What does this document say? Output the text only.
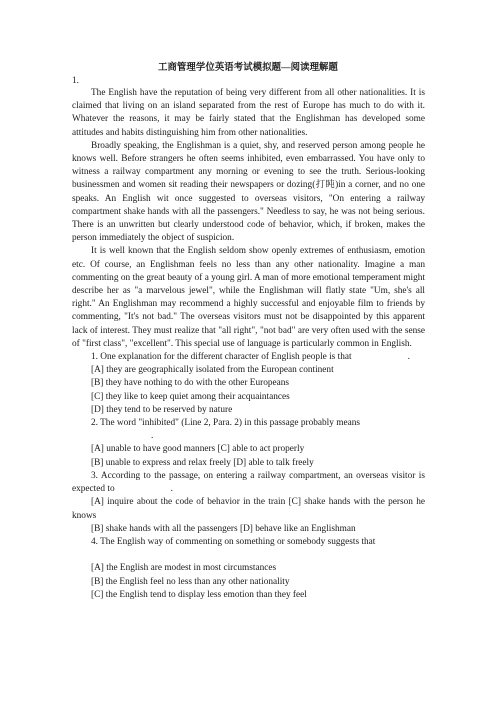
工商管理学位英语考试模拟题—阅读理解题
1.

The English have the reputation of being very different from all other nationalities. It is claimed that living on an island separated from the rest of Europe has much to do with it. Whatever the reasons, it may be fairly stated that the Englishman has developed some attitudes and habits distinguishing him from other nationalities.

Broadly speaking, the Englishman is a quiet, shy, and reserved person among people he knows well. Before strangers he often seems inhibited, even embarrassed. You have only to witness a railway compartment any morning or evening to see the truth. Serious-looking businessmen and women sit reading their newspapers or dozing(打盹)in a corner, and no one speaks. An English wit once suggested to overseas visitors, "On entering a railway compartment shake hands with all the passengers." Needless to say, he was not being serious. There is an unwritten but clearly understood code of behavior, which, if broken, makes the person immediately the object of suspicion.

It is well known that the English seldom show openly extremes of enthusiasm, emotion etc. Of course, an Englishman feels no less than any other nationality. Imagine a man commenting on the great beauty of a young girl. A man of more emotional temperament might describe her as "a marvelous jewel", while the Englishman will flatly state "Um, she's all right." An Englishman may recommend a highly successful and enjoyable film to friends by commenting, "It's not bad." The overseas visitors must not be disappointed by this apparent lack of interest. They must realize that "all right", "not bad" are very often used with the sense of "first class", "excellent". This special use of language is particularly common in English.

1. One explanation for the different character of English people is that	.

[A] they are geographically isolated from the European continent

[B] they have nothing to do with the other Europeans

[C] they like to keep quiet among their acquaintances

[D] they tend to be reserved by nature

2. The word "inhibited" (Line 2, Para. 2) in this passage probably means

.

[A] unable to have good manners [C] able to act properly

[B] unable to express and relax freely [D] able to talk freely

3. According to the passage, on entering a railway compartment, an overseas visitor is expected to	.

[A] inquire about the code of behavior in the train [C] shake hands with the person he knows

[B] shake hands with all the passengers [D] behave like an Englishman

4. The English way of commenting on something or somebody suggests that

[A] the English are modest in most circumstances

[B] the English feel no less than any other nationality

[C] the English tend to display less emotion than they feel
